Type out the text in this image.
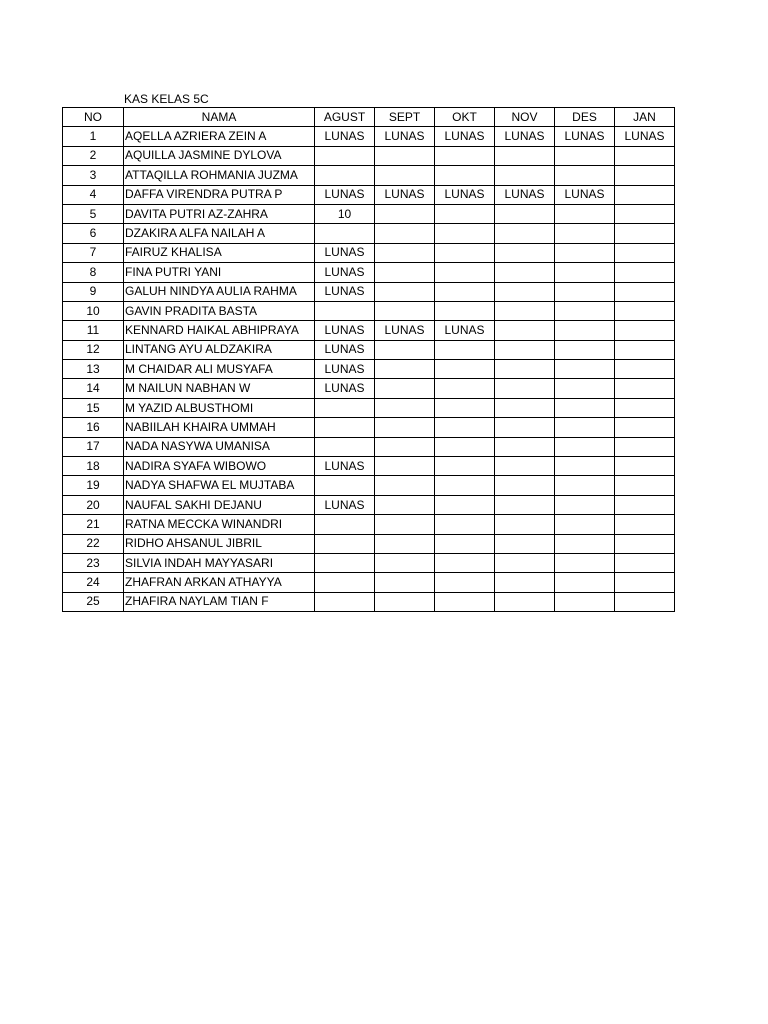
KAS KELAS 5C
NO	NAMA	AGUST	SEPT	OKT	NOV	DES	JAN
1	AQELLA AZRIERA ZEIN A	LUNAS	LUNAS	LUNAS	LUNAS	LUNAS	LUNAS
2	AQUILLA JASMINE DYLOVA						
3	ATTAQILLA ROHMANIA JUZMA						
4	DAFFA VIRENDRA PUTRA P	LUNAS	LUNAS	LUNAS	LUNAS	LUNAS	
5	DAVITA PUTRI AZ-ZAHRA	10					
6	DZAKIRA ALFA NAILAH A						
7	FAIRUZ KHALISA	LUNAS					
8	FINA PUTRI YANI	LUNAS					
9	GALUH NINDYA AULIA RAHMA	LUNAS					
10	GAVIN PRADITA BASTA						
11	KENNARD HAIKAL ABHIPRAYA	LUNAS	LUNAS	LUNAS			
12	LINTANG AYU ALDZAKIRA	LUNAS					
13	M CHAIDAR ALI MUSYAFA	LUNAS					
14	M NAILUN NABHAN W	LUNAS					
15	M YAZID ALBUSTHOMI						
16	NABIILAH KHAIRA UMMAH						
17	NADA NASYWA UMANISA						
18	NADIRA SYAFA WIBOWO	LUNAS					
19	NADYA SHAFWA EL MUJTABA						
20	NAUFAL SAKHI DEJANU	LUNAS					
21	RATNA MECCKA WINANDRI						
22	RIDHO AHSANUL JIBRIL						
23	SILVIA INDAH MAYYASARI						
24	ZHAFRAN ARKAN ATHAYYA						
25	ZHAFIRA NAYLAM TIAN F						
